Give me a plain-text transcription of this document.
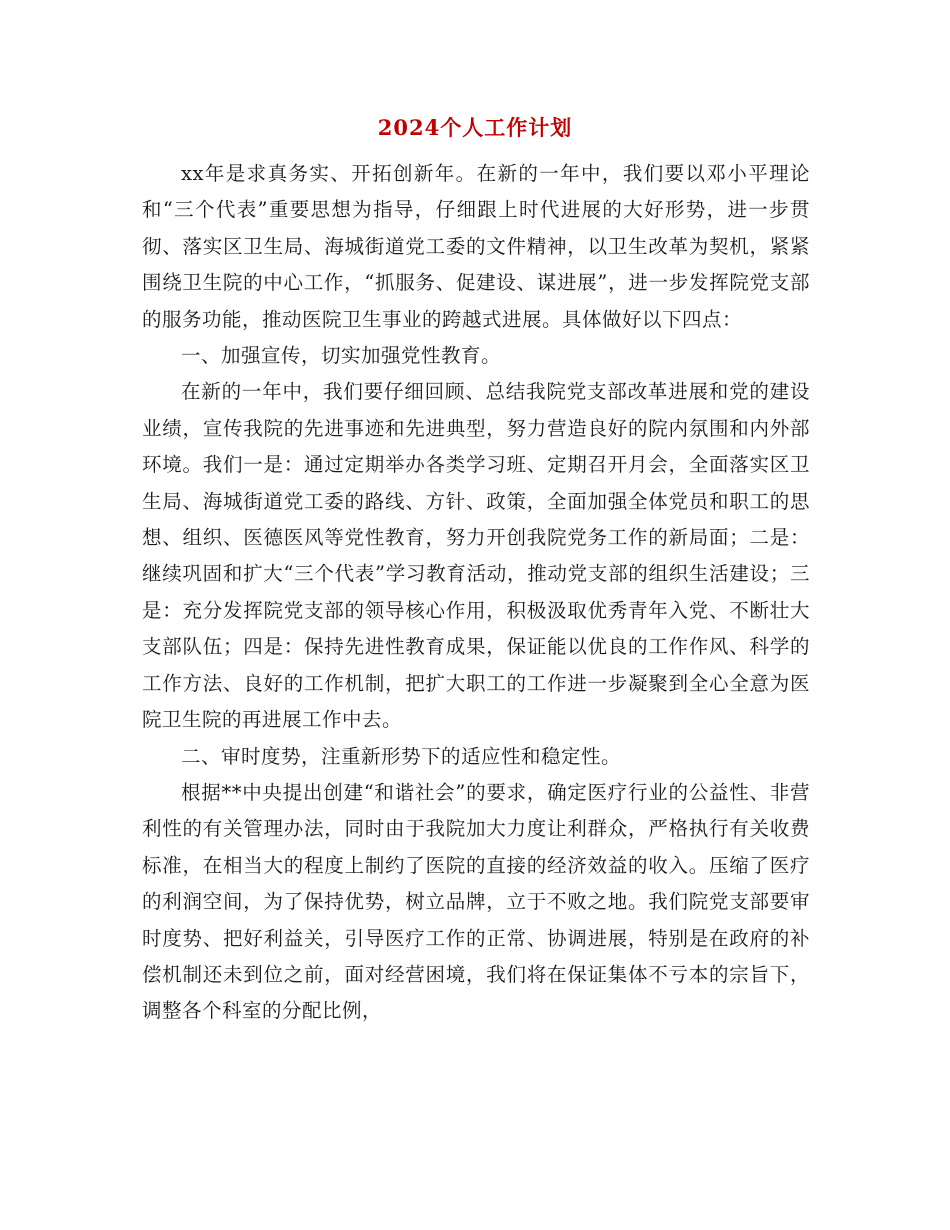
2024个人工作计划

xx年是求真务实、开拓创新年。在新的一年中，我们要以邓小平理论和“三个代表”重要思想为指导，仔细跟上时代进展的大好形势，进一步贯彻、落实区卫生局、海城街道党工委的文件精神，以卫生改革为契机，紧紧围绕卫生院的中心工作，“抓服务、促建设、谋进展”，进一步发挥院党支部的服务功能，推动医院卫生事业的跨越式进展。具体做好以下四点：

一、加强宣传，切实加强党性教育。

在新的一年中，我们要仔细回顾、总结我院党支部改革进展和党的建设业绩，宣传我院的先进事迹和先进典型，努力营造良好的院内氛围和内外部环境。我们一是：通过定期举办各类学习班、定期召开月会，全面落实区卫生局、海城街道党工委的路线、方针、政策，全面加强全体党员和职工的思想、组织、医德医风等党性教育，努力开创我院党务工作的新局面；二是：继续巩固和扩大“三个代表”学习教育活动，推动党支部的组织生活建设；三是：充分发挥院党支部的领导核心作用，积极汲取优秀青年入党、不断壮大支部队伍；四是：保持先进性教育成果，保证能以优良的工作作风、科学的工作方法、良好的工作机制，把扩大职工的工作进一步凝聚到全心全意为医院卫生院的再进展工作中去。

二、审时度势，注重新形势下的适应性和稳定性。

根据**中央提出创建“和谐社会”的要求，确定医疗行业的公益性、非营利性的有关管理办法，同时由于我院加大力度让利群众，严格执行有关收费标准，在相当大的程度上制约了医院的直接的经济效益的收入。压缩了医疗的利润空间，为了保持优势，树立品牌，立于不败之地。我们院党支部要审时度势、把好利益关，引导医疗工作的正常、协调进展，特别是在政府的补偿机制还未到位之前，面对经营困境，我们将在保证集体不亏本的宗旨下，调整各个科室的分配比例，
